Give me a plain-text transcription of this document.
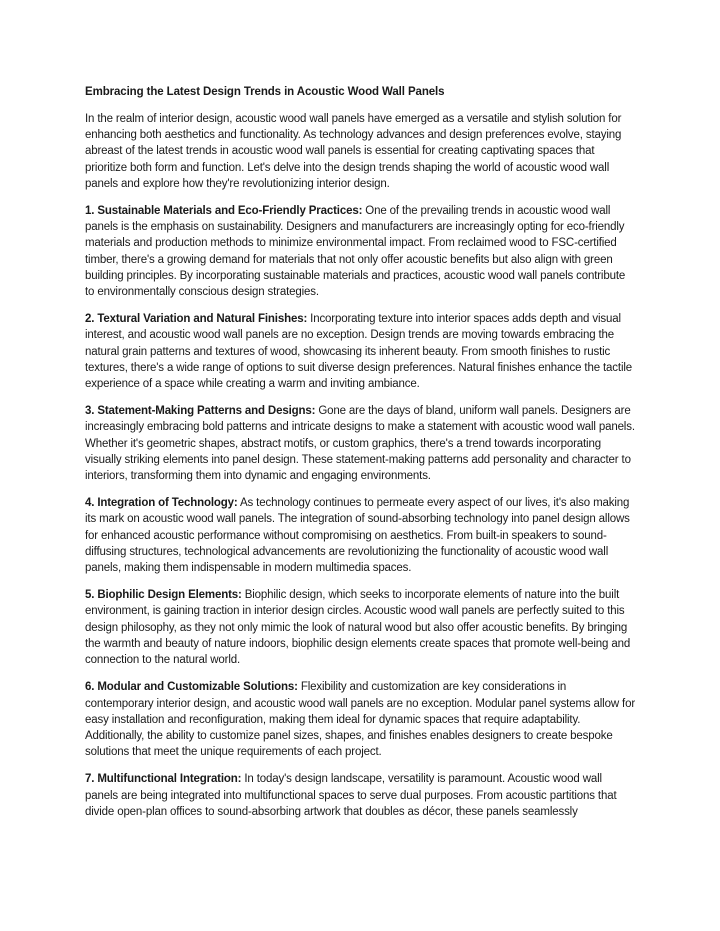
Embracing the Latest Design Trends in Acoustic Wood Wall Panels

In the realm of interior design, acoustic wood wall panels have emerged as a versatile and stylish solution for enhancing both aesthetics and functionality. As technology advances and design preferences evolve, staying abreast of the latest trends in acoustic wood wall panels is essential for creating captivating spaces that prioritize both form and function. Let's delve into the design trends shaping the world of acoustic wood wall panels and explore how they're revolutionizing interior design.

1. Sustainable Materials and Eco-Friendly Practices: One of the prevailing trends in acoustic wood wall panels is the emphasis on sustainability. Designers and manufacturers are increasingly opting for eco-friendly materials and production methods to minimize environmental impact. From reclaimed wood to FSC-certified timber, there's a growing demand for materials that not only offer acoustic benefits but also align with green building principles. By incorporating sustainable materials and practices, acoustic wood wall panels contribute to environmentally conscious design strategies.

2. Textural Variation and Natural Finishes: Incorporating texture into interior spaces adds depth and visual interest, and acoustic wood wall panels are no exception. Design trends are moving towards embracing the natural grain patterns and textures of wood, showcasing its inherent beauty. From smooth finishes to rustic textures, there's a wide range of options to suit diverse design preferences. Natural finishes enhance the tactile experience of a space while creating a warm and inviting ambiance.

3. Statement-Making Patterns and Designs: Gone are the days of bland, uniform wall panels. Designers are increasingly embracing bold patterns and intricate designs to make a statement with acoustic wood wall panels. Whether it's geometric shapes, abstract motifs, or custom graphics, there's a trend towards incorporating visually striking elements into panel design. These statement-making patterns add personality and character to interiors, transforming them into dynamic and engaging environments.

4. Integration of Technology: As technology continues to permeate every aspect of our lives, it's also making its mark on acoustic wood wall panels. The integration of sound-absorbing technology into panel design allows for enhanced acoustic performance without compromising on aesthetics. From built-in speakers to sound-diffusing structures, technological advancements are revolutionizing the functionality of acoustic wood wall panels, making them indispensable in modern multimedia spaces.

5. Biophilic Design Elements: Biophilic design, which seeks to incorporate elements of nature into the built environment, is gaining traction in interior design circles. Acoustic wood wall panels are perfectly suited to this design philosophy, as they not only mimic the look of natural wood but also offer acoustic benefits. By bringing the warmth and beauty of nature indoors, biophilic design elements create spaces that promote well-being and connection to the natural world.

6. Modular and Customizable Solutions: Flexibility and customization are key considerations in contemporary interior design, and acoustic wood wall panels are no exception. Modular panel systems allow for easy installation and reconfiguration, making them ideal for dynamic spaces that require adaptability. Additionally, the ability to customize panel sizes, shapes, and finishes enables designers to create bespoke solutions that meet the unique requirements of each project.

7. Multifunctional Integration: In today's design landscape, versatility is paramount. Acoustic wood wall panels are being integrated into multifunctional spaces to serve dual purposes. From acoustic partitions that divide open-plan offices to sound-absorbing artwork that doubles as décor, these panels seamlessly
